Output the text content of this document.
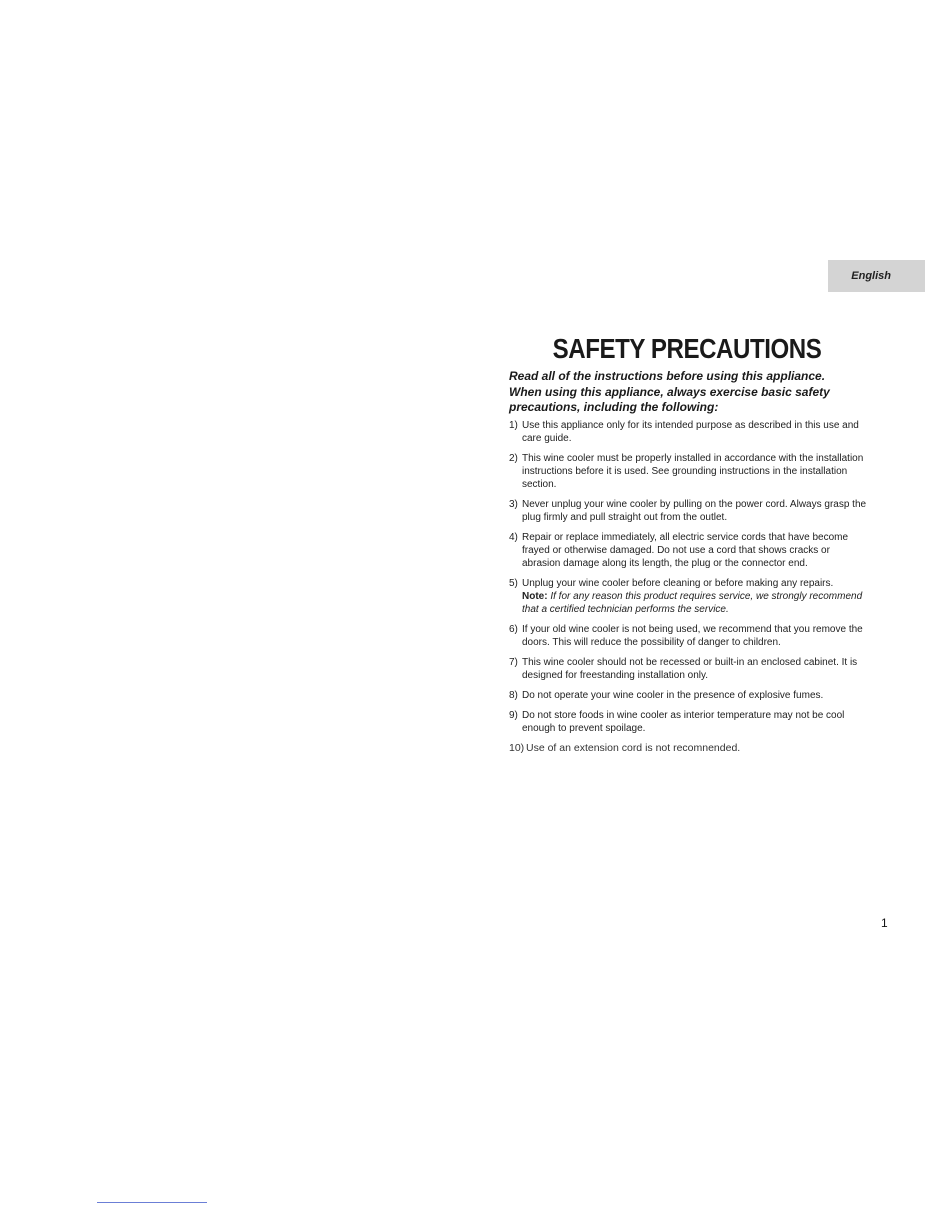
English
SAFETY PRECAUTIONS

Read all of the instructions before using this appliance. When using this appliance, always exercise basic safety precautions, including the following:

1) Use this appliance only for its intended purpose as described in this use and care guide.
2) This wine cooler must be properly installed in accordance with the installation instructions before it is used. See grounding instructions in the installation section.
3) Never unplug your wine cooler by pulling on the power cord. Always grasp the plug firmly and pull straight out from the outlet.
4) Repair or replace immediately, all electric service cords that have become frayed or otherwise damaged. Do not use a cord that shows cracks or abrasion damage along its length, the plug or the connector end.
5) Unplug your wine cooler before cleaning or before making any repairs.
Note: If for any reason this product requires service, we strongly recommend that a certified technician performs the service.
6) If your old wine cooler is not being used, we recommend that you remove the doors. This will reduce the possibility of danger to children.
7) This wine cooler should not be recessed or built-in an enclosed cabinet. It is designed for freestanding installation only.
8) Do not operate your wine cooler in the presence of explosive fumes.
9) Do not store foods in wine cooler as interior temperature may not be cool enough to prevent spoilage.
10) Use of an extension cord is not recomnended.
1
